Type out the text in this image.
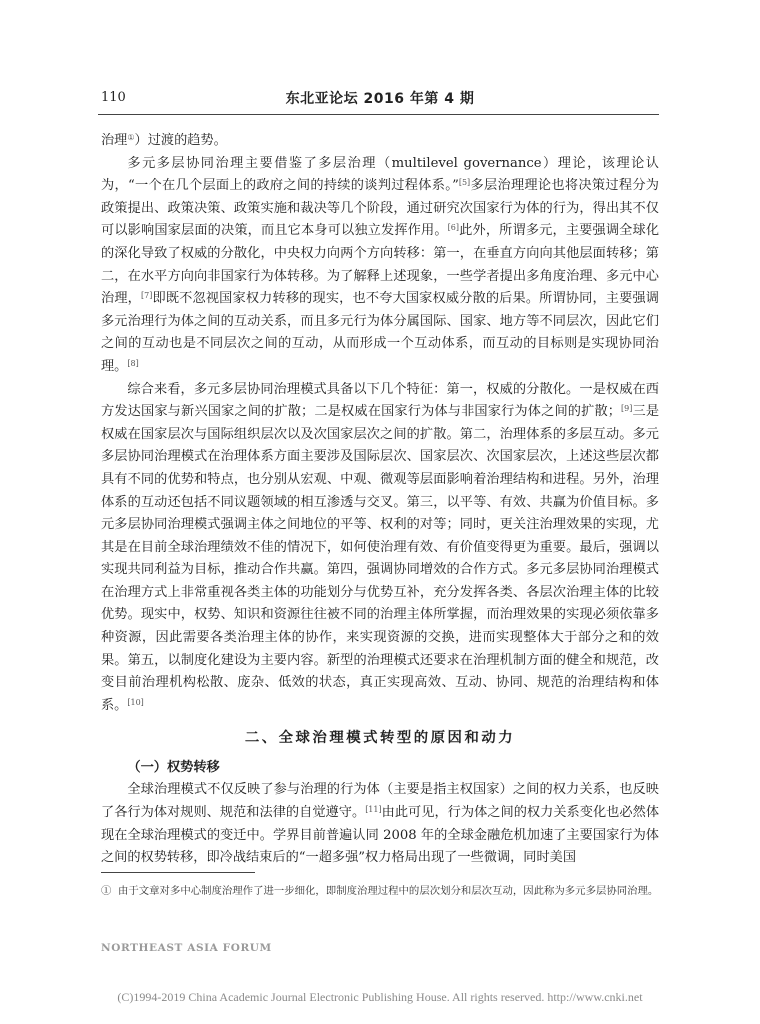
110	东北亚论坛 2016 年第 4 期

治理①）过渡的趋势。

多元多层协同治理主要借鉴了多层治理（multilevel governance）理论，该理论认为，“一个在几个层面上的政府之间的持续的谈判过程体系。”[5]多层治理理论也将决策过程分为政策提出、政策决策、政策实施和裁决等几个阶段，通过研究次国家行为体的行为，得出其不仅可以影响国家层面的决策，而且它本身可以独立发挥作用。[6]此外，所谓多元，主要强调全球化的深化导致了权威的分散化，中央权力向两个方向转移：第一，在垂直方向向其他层面转移；第二，在水平方向向非国家行为体转移。为了解释上述现象，一些学者提出多角度治理、多元中心治理，[7]即既不忽视国家权力转移的现实，也不夸大国家权威分散的后果。所谓协同，主要强调多元治理行为体之间的互动关系，而且多元行为体分属国际、国家、地方等不同层次，因此它们之间的互动也是不同层次之间的互动，从而形成一个互动体系，而互动的目标则是实现协同治理。[8]

综合来看，多元多层协同治理模式具备以下几个特征：第一，权威的分散化。一是权威在西方发达国家与新兴国家之间的扩散；二是权威在国家行为体与非国家行为体之间的扩散；[9]三是权威在国家层次与国际组织层次以及次国家层次之间的扩散。第二，治理体系的多层互动。多元多层协同治理模式在治理体系方面主要涉及国际层次、国家层次、次国家层次，上述这些层次都具有不同的优势和特点，也分别从宏观、中观、微观等层面影响着治理结构和进程。另外，治理体系的互动还包括不同议题领域的相互渗透与交叉。第三，以平等、有效、共赢为价值目标。多元多层协同治理模式强调主体之间地位的平等、权利的对等；同时，更关注治理效果的实现，尤其是在目前全球治理绩效不佳的情况下，如何使治理有效、有价值变得更为重要。最后，强调以实现共同利益为目标，推动合作共赢。第四，强调协同增效的合作方式。多元多层协同治理模式在治理方式上非常重视各类主体的功能划分与优势互补，充分发挥各类、各层次治理主体的比较优势。现实中，权势、知识和资源往往被不同的治理主体所掌握，而治理效果的实现必须依靠多种资源，因此需要各类治理主体的协作，来实现资源的交换，进而实现整体大于部分之和的效果。第五，以制度化建设为主要内容。新型的治理模式还要求在治理机制方面的健全和规范，改变目前治理机构松散、庞杂、低效的状态，真正实现高效、互动、协同、规范的治理结构和体系。[10]

二、全球治理模式转型的原因和动力
（一）权势转移

全球治理模式不仅反映了参与治理的行为体（主要是指主权国家）之间的权力关系，也反映了各行为体对规则、规范和法律的自觉遵守。[11]由此可见，行为体之间的权力关系变化也必然体现在全球治理模式的变迁中。学界目前普遍认同 2008 年的全球金融危机加速了主要国家行为体之间的权势转移，即冷战结束后的“一超多强”权力格局出现了一些微调，同时美国

① 由于文章对多中心制度治理作了进一步细化，即制度治理过程中的层次划分和层次互动，因此称为多元多层协同治理。
NORTHEAST ASIA FORUM
(C)1994-2019 China Academic Journal Electronic Publishing House. All rights reserved. http://www.cnki.net
